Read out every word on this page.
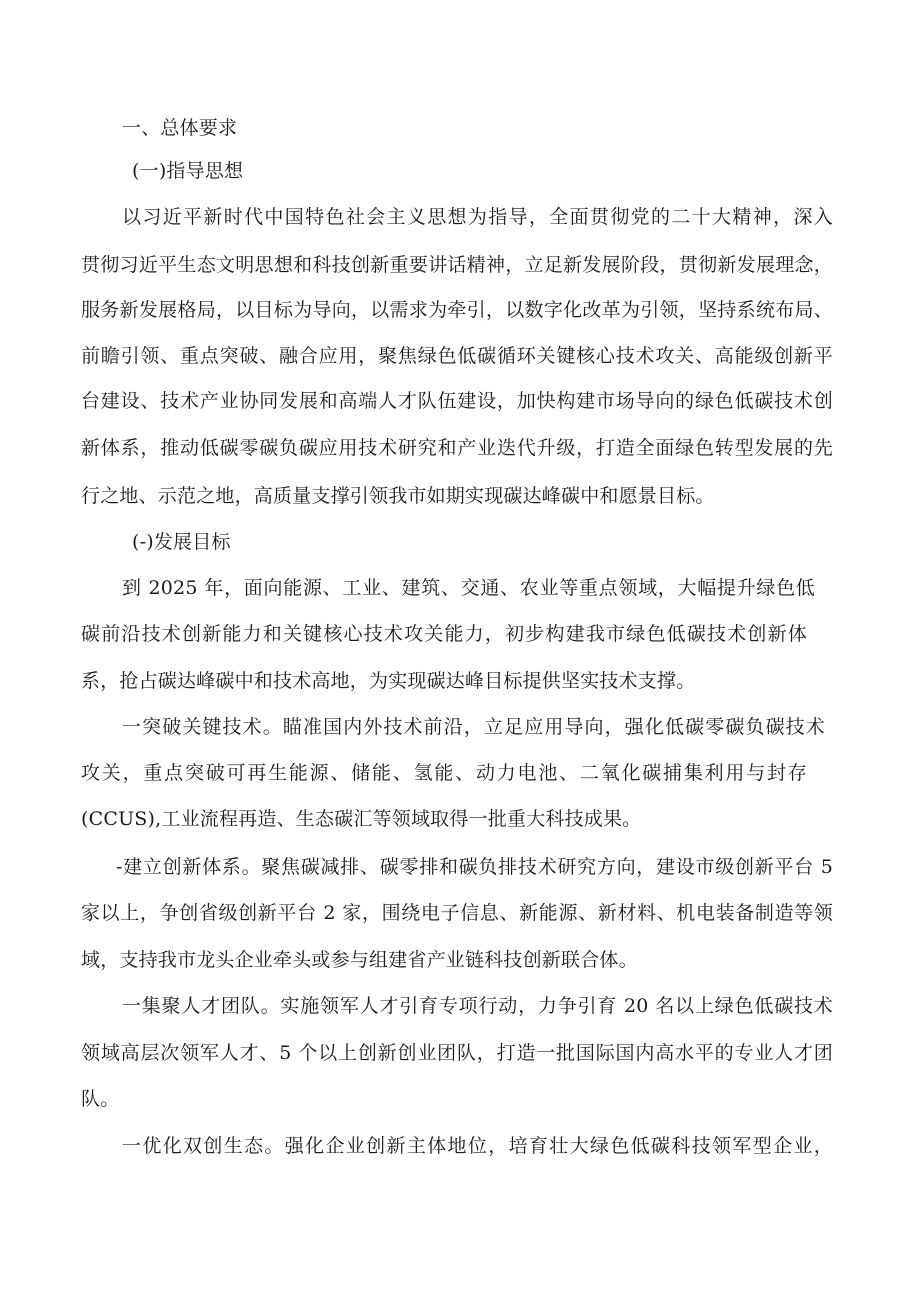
一、总体要求
(一)指导思想
以习近平新时代中国特色社会主义思想为指导，全面贯彻党的二十大精神，深入
贯彻习近平生态文明思想和科技创新重要讲话精神，立足新发展阶段，贯彻新发展理念，
服务新发展格局，以目标为导向，以需求为牵引，以数字化改革为引领，坚持系统布局、
前瞻引领、重点突破、融合应用，聚焦绿色低碳循环关键核心技术攻关、高能级创新平
台建设、技术产业协同发展和高端人才队伍建设，加快构建市场导向的绿色低碳技术创
新体系，推动低碳零碳负碳应用技术研究和产业迭代升级，打造全面绿色转型发展的先
行之地、示范之地，高质量支撑引领我市如期实现碳达峰碳中和愿景目标。
(-)发展目标
到 2025 年，面向能源、工业、建筑、交通、农业等重点领域，大幅提升绿色低
碳前沿技术创新能力和关键核心技术攻关能力，初步构建我市绿色低碳技术创新体
系，抢占碳达峰碳中和技术高地，为实现碳达峰目标提供坚实技术支撑。
一突破关键技术。瞄准国内外技术前沿，立足应用导向，强化低碳零碳负碳技术
攻关，重点突破可再生能源、储能、氢能、动力电池、二氧化碳捕集利用与封存
(CCUS),工业流程再造、生态碳汇等领域取得一批重大科技成果。
-建立创新体系。聚焦碳减排、碳零排和碳负排技术研究方向，建设市级创新平台 5
家以上，争创省级创新平台 2 家，围绕电子信息、新能源、新材料、机电装备制造等领
域，支持我市龙头企业牵头或参与组建省产业链科技创新联合体。
一集聚人才团队。实施领军人才引育专项行动，力争引育 20 名以上绿色低碳技术
领域高层次领军人才、5 个以上创新创业团队，打造一批国际国内高水平的专业人才团
队。
一优化双创生态。强化企业创新主体地位，培育壮大绿色低碳科技领军型企业，
